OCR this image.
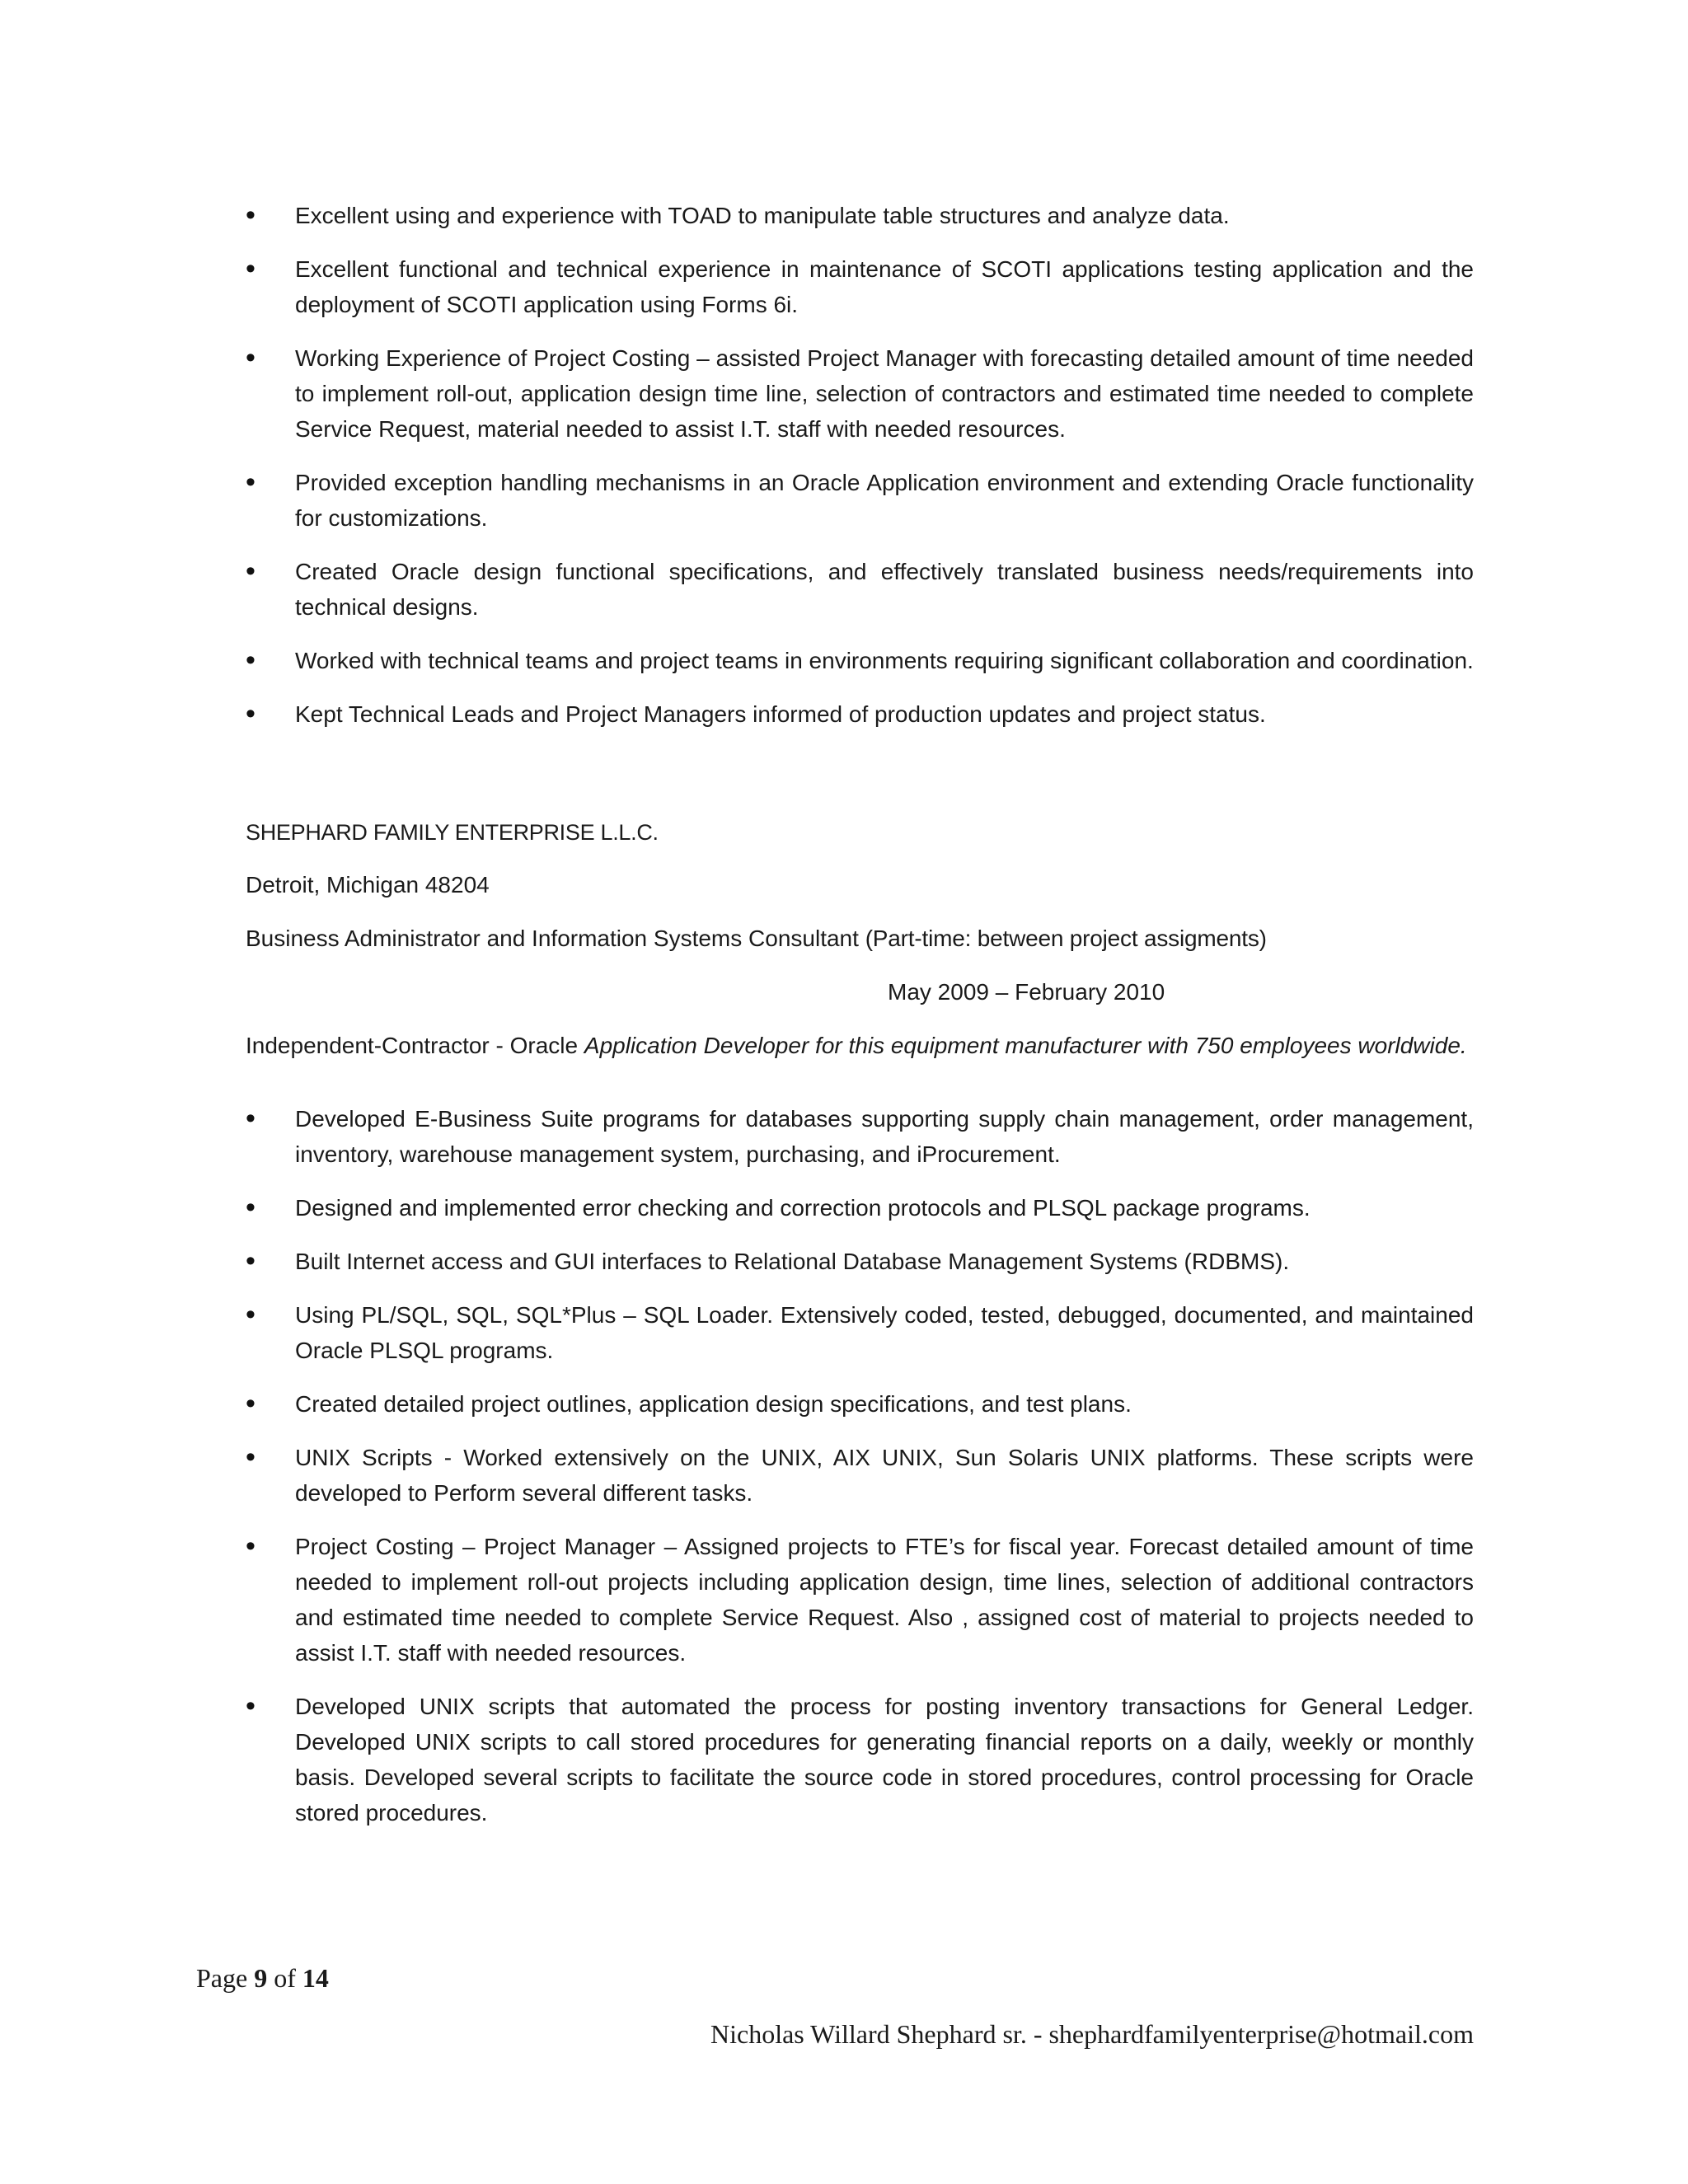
• Excellent using and experience with TOAD to manipulate table structures and analyze data.
• Excellent functional and technical experience in maintenance of SCOTI applications testing application and the deployment of SCOTI application using Forms 6i.
• Working Experience of Project Costing – assisted Project Manager with forecasting detailed amount of time needed to implement roll-out, application design time line, selection of contractors and estimated time needed to complete Service Request, material needed to assist I.T. staff with needed resources.
• Provided exception handling mechanisms in an Oracle Application environment and extending Oracle functionality for customizations.
• Created Oracle design functional specifications, and effectively translated business needs/requirements into technical designs.
• Worked with technical teams and project teams in environments requiring significant collaboration and coordination.
• Kept Technical Leads and Project Managers informed of production updates and project status.
SHEPHARD FAMILY ENTERPRISE L.L.C.
Detroit, Michigan 48204
Business Administrator and Information Systems Consultant (Part-time: between project assigments)
May 2009 – February 2010
Independent-Contractor - Oracle Application Developer for this equipment manufacturer with 750 employees worldwide.
• Developed E-Business Suite programs for databases supporting supply chain management, order management, inventory, warehouse management system, purchasing, and iProcurement.
• Designed and implemented error checking and correction protocols and PLSQL package programs.
• Built Internet access and GUI interfaces to Relational Database Management Systems (RDBMS).
• Using PL/SQL, SQL, SQL*Plus – SQL Loader. Extensively coded, tested, debugged, documented, and maintained Oracle PLSQL programs.
• Created detailed project outlines, application design specifications, and test plans.
• UNIX Scripts - Worked extensively on the UNIX, AIX UNIX, Sun Solaris UNIX platforms. These scripts were developed to Perform several different tasks.
• Project Costing – Project Manager – Assigned projects to FTE’s for fiscal year. Forecast detailed amount of time needed to implement roll-out projects including application design, time lines, selection of additional contractors and estimated time needed to complete Service Request. Also , assigned cost of material to projects needed to assist I.T. staff with needed resources.
• Developed UNIX scripts that automated the process for posting inventory transactions for General Ledger. Developed UNIX scripts to call stored procedures for generating financial reports on a daily, weekly or monthly basis. Developed several scripts to facilitate the source code in stored procedures, control processing for Oracle stored procedures.
Page 9 of 14
Nicholas Willard Shephard sr. - shephardfamilyenterprise@hotmail.com
